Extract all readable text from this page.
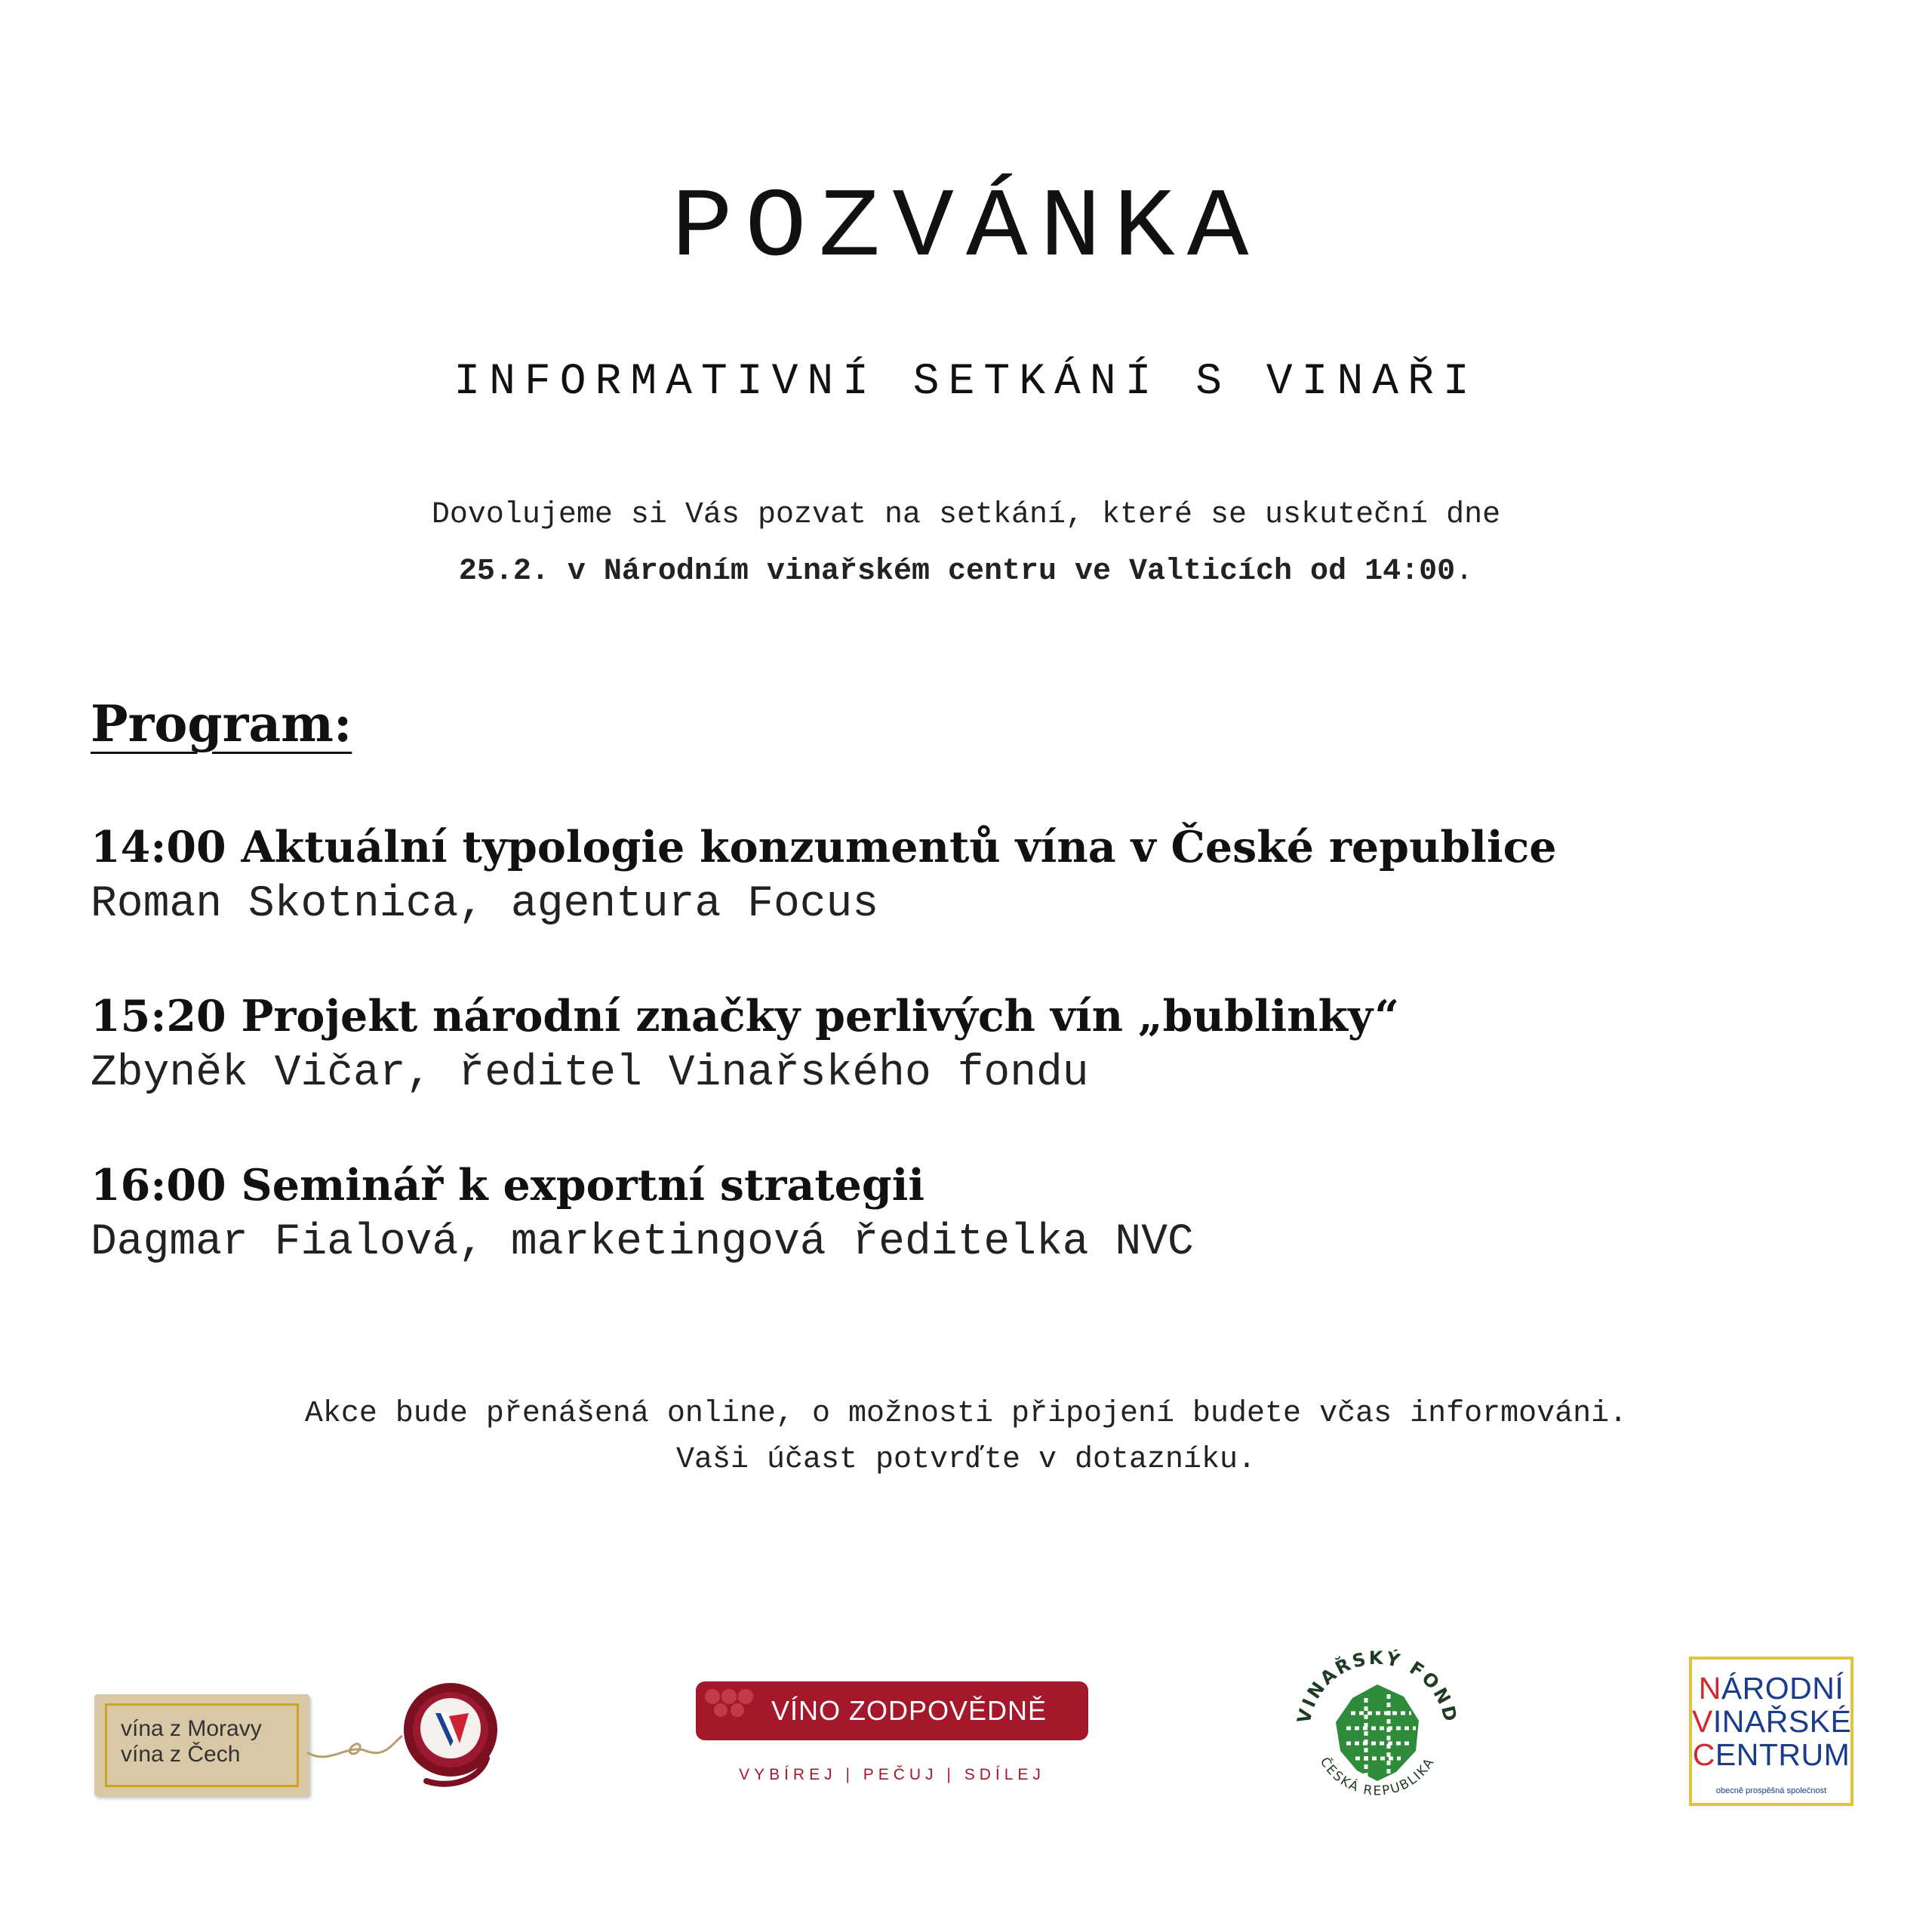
POZVÁNKA
INFORMATIVNÍ SETKÁNÍ S VINAŘI
Dovolujeme si Vás pozvat na setkání, které se uskuteční dne
25.2. v Národním vinařském centru ve Valticích od 14:00.
Program:
14:00 Aktuální typologie konzumentů vína v České republice
Roman Skotnica, agentura Focus
15:20 Projekt národní značky perlivých vín „bublinky“
Zbyněk Vičar, ředitel Vinařského fondu
16:00 Seminář k exportní strategii
Dagmar Fialová, marketingová ředitelka NVC
Akce bude přenášená online, o možnosti připojení budete včas informováni.
Vaši účast potvrďte v dotazníku.
vína z Moravy
vína z Čech
VÍNO ZODPOVĚDNĚ
VYBÍREJ | PEČUJ | SDÍLEJ
VINAŘSKÝ FOND
ČESKÁ REPUBLIKA
NÁRODNÍ
VINAŘSKÉ
CENTRUM
obecně prospěšná společnost
